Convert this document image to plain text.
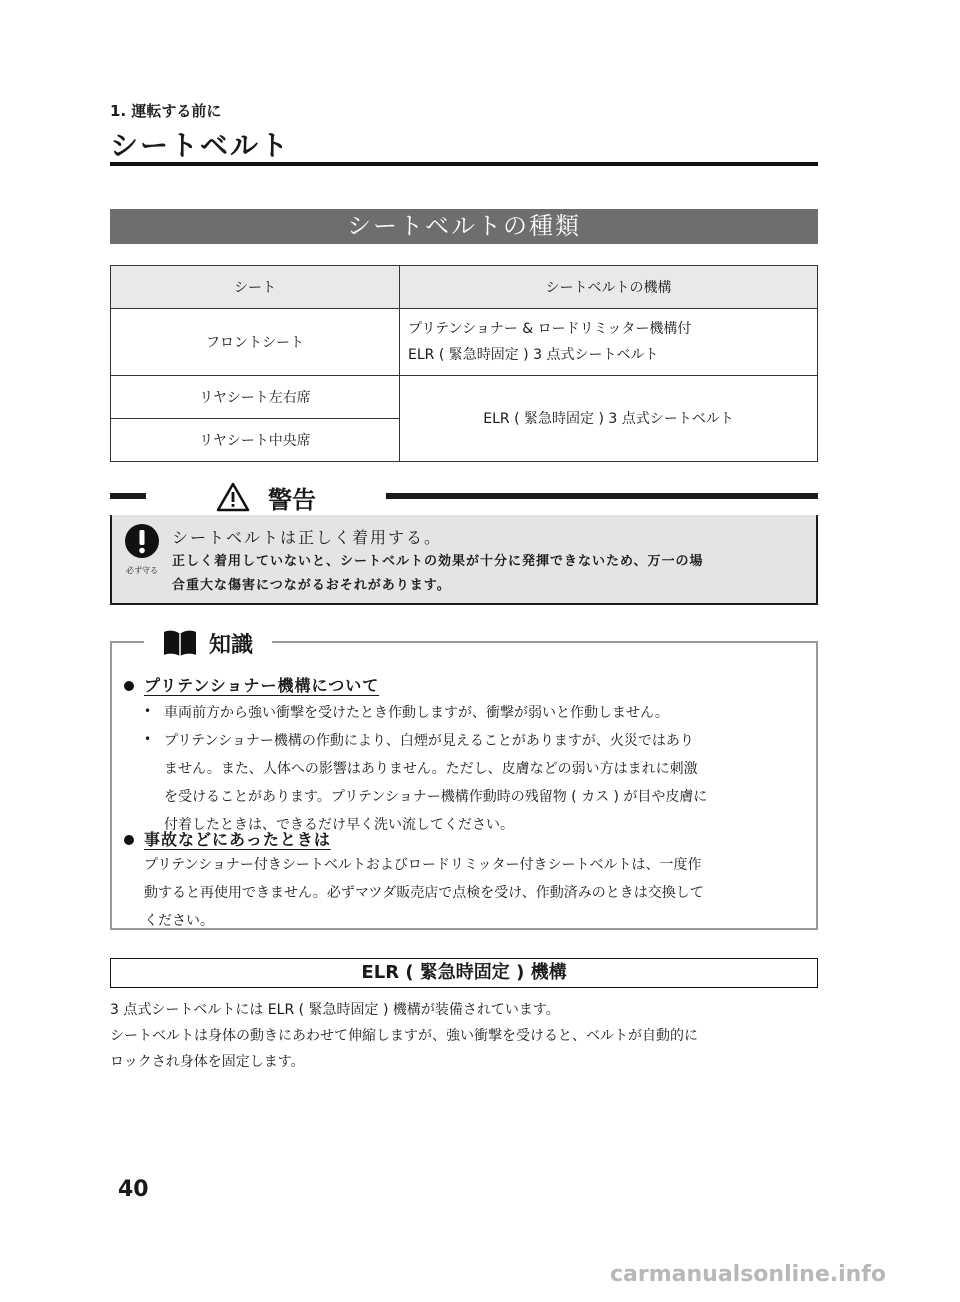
1. 運転する前に
シートベルト
シートベルトの種類
シート	シートベルトの機構
フロントシート	プリテンショナー & ロードリミッター機構付
ELR ( 緊急時固定 ) 3 点式シートベルト

リヤシート左右席	ELR ( 緊急時固定 ) 3 点式シートベルト
リヤシート中央席	
警告
必ず守る
シートベルトは正しく着用する。
正しく着用していないと、シートベルトの効果が十分に発揮できないため、万一の場
合重大な傷害につながるおそれがあります。
知識
プリテンショナー機構について
• 車両前方から強い衝撃を受けたとき作動しますが、衝撃が弱いと作動しません。
• プリテンショナー機構の作動により、白煙が見えることがありますが、火災ではあり
ません。また、人体への影響はありません。ただし、皮膚などの弱い方はまれに刺激
を受けることがあります。プリテンショナー機構作動時の残留物 ( カス ) が目や皮膚に
付着したときは、できるだけ早く洗い流してください。
事故などにあったときは
プリテンショナー付きシートベルトおよびロードリミッター付きシートベルトは、一度作
動すると再使用できません。必ずマツダ販売店で点検を受け、作動済みのときは交換して
ください。
ELR ( 緊急時固定 ) 機構
3 点式シートベルトには ELR ( 緊急時固定 ) 機構が装備されています。
シートベルトは身体の動きにあわせて伸縮しますが、強い衝撃を受けると、ベルトが自動的に
ロックされ身体を固定します。
40
carmanualsonline.info
